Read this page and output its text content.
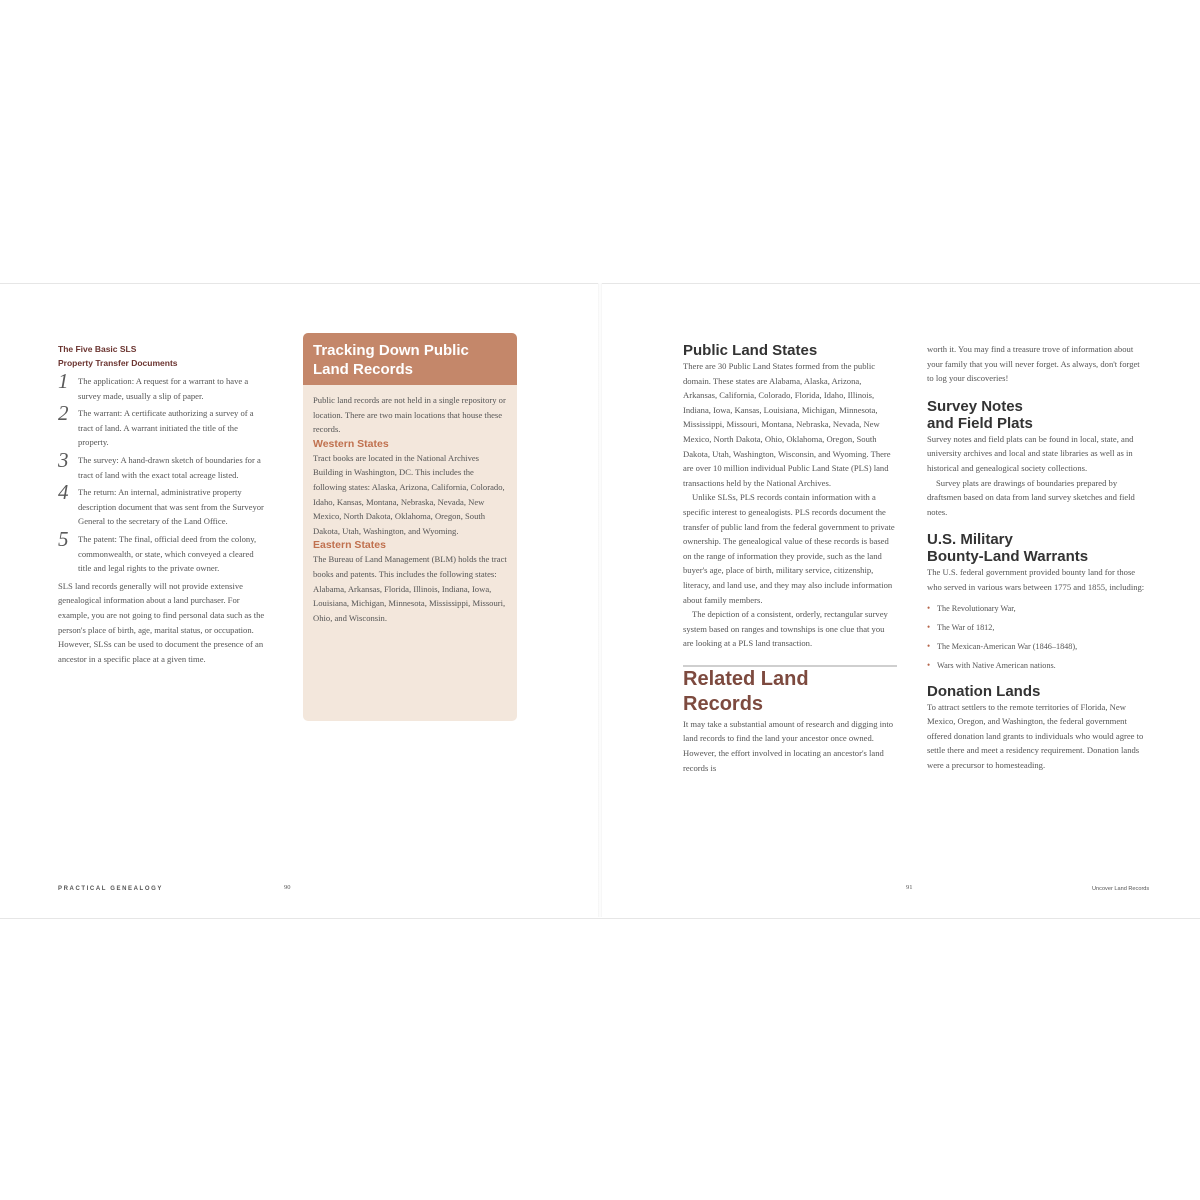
The Five Basic SLS
Property Transfer Documents
1 The application: A request for a warrant to have a survey made, usually a slip of paper.
2 The warrant: A certificate authorizing a survey of a tract of land. A warrant initiated the title of the property.
3 The survey: A hand-drawn sketch of boundaries for a tract of land with the exact total acreage listed.
4 The return: An internal, administrative property description document that was sent from the Surveyor General to the secretary of the Land Office.
5 The patent: The final, official deed from the colony, commonwealth, or state, which conveyed a cleared title and legal rights to the private owner.

SLS land records generally will not provide extensive genealogical information about a land purchaser. For example, you are not going to find personal data such as the person's place of birth, age, marital status, or occupation. However, SLSs can be used to document the presence of an ancestor in a specific place at a given time.

Tracking Down Public
Land Records

Public land records are not held in a single repository or location. There are two main locations that house these records.

Western States

Tract books are located in the National Archives Building in Washington, DC. This includes the following states: Alaska, Arizona, California, Colorado, Idaho, Kansas, Montana, Nebraska, Nevada, New Mexico, North Dakota, Oklahoma, Oregon, South Dakota, Utah, Washington, and Wyoming.

Eastern States

The Bureau of Land Management (BLM) holds the tract books and patents. This includes the following states: Alabama, Arkansas, Florida, Illinois, Indiana, Iowa, Louisiana, Michigan, Minnesota, Mississippi, Missouri, Ohio, and Wisconsin.

PRACTICAL GENEALOGY	90

Public Land States

There are 30 Public Land States formed from the public domain. These states are Alabama, Alaska, Arizona, Arkansas, California, Colorado, Florida, Idaho, Illinois, Indiana, Iowa, Kansas, Louisiana, Michigan, Minnesota, Mississippi, Missouri, Montana, Nebraska, Nevada, New Mexico, North Dakota, Ohio, Oklahoma, Oregon, South Dakota, Utah, Washington, Wisconsin, and Wyoming. There are over 10 million individual Public Land State (PLS) land transactions held by the National Archives.

Unlike SLSs, PLS records contain information with a specific interest to genealogists. PLS records document the transfer of public land from the federal government to private ownership. The genealogical value of these records is based on the range of information they provide, such as the land buyer's age, place of birth, military service, citizenship, literacy, and land use, and they may also include information about family members.

The depiction of a consistent, orderly, rectangular survey system based on ranges and townships is one clue that you are looking at a PLS land transaction.

Related Land
Records

It may take a substantial amount of research and digging into land records to find the land your ancestor once owned. However, the effort involved in locating an ancestor's land records is

worth it. You may find a treasure trove of information about your family that you will never forget. As always, don't forget to log your discoveries!

Survey Notes
and Field Plats

Survey notes and field plats can be found in local, state, and university archives and local and state libraries as well as in historical and genealogical society collections.

Survey plats are drawings of boundaries prepared by draftsmen based on data from land survey sketches and field notes.

U.S. Military
Bounty-Land Warrants

The U.S. federal government provided bounty land for those who served in various wars between 1775 and 1855, including:

• The Revolutionary War,
• The War of 1812,
• The Mexican-American War (1846–1848),
• Wars with Native American nations.

Donation Lands

To attract settlers to the remote territories of Florida, New Mexico, Oregon, and Washington, the federal government offered donation land grants to individuals who would agree to settle there and meet a residency requirement. Donation lands were a precursor to homesteading.

91	Uncover Land Records
